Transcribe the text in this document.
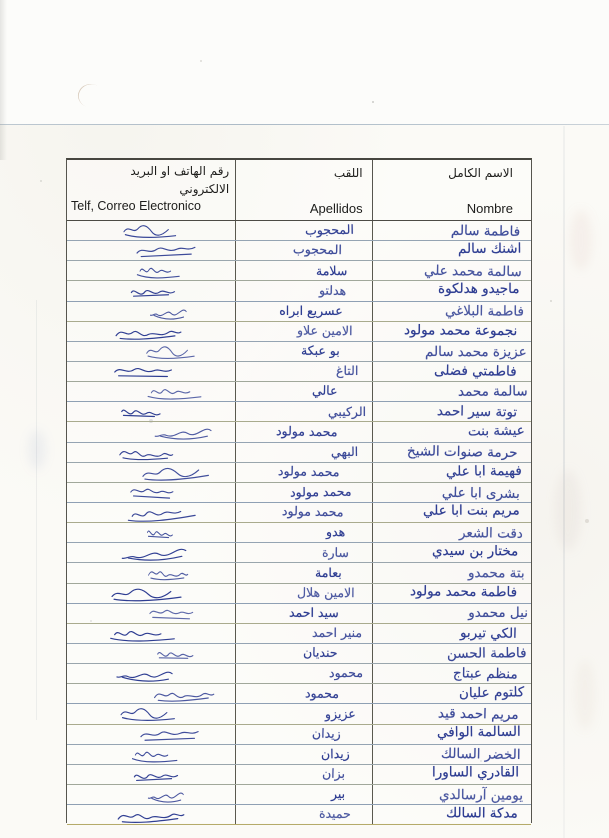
رقم الهاتف او البريد
الالكتروني
Telf, Correo Electronico
اللقب
Apellidos
الاسم الكامل
Nombre
المحجوب	فاطمة سالم
المحجوب	اشنك سالم
سلامة	سالمة محمد علي
هدلتو	ماجيدو هدلكوة
عسريع ابراه	فاطمة البلاغي
الامين علاو	نجموعة محمد مولود
بو عبكة	عزيزة محمد سالم
التاغ	فاطمتي فضلى
عالي	سالمة محمد
الركيبي	توتة سير احمد
محمد مولود	عيشة بنت
البهي	حرمة صنوات الشيخ
محمد مولود	فهيمة ابا علي
محمد مولود	بشرى ابا علي
محمد مولود	مريم بنت ابا علي
هدو	دقت الشعر
سارة	مختار بن سيدي
بعامة	بتة محمدو
الامين هلال	فاطمة محمد مولود
سيد احمد	نيل محمدو
منير احمد	الكي تيربو
حنديان	فاطمة الحسن
محمود	منظم عبتاج
محمود	كلتوم عليان
عزيزو	مريم احمد قيد
زيدان	السالمة الوافي
زيدان	الخضر السالك
بزان	القادري الساورا
بير	يومين آرسالدي
حميدة	مدكة السالك
